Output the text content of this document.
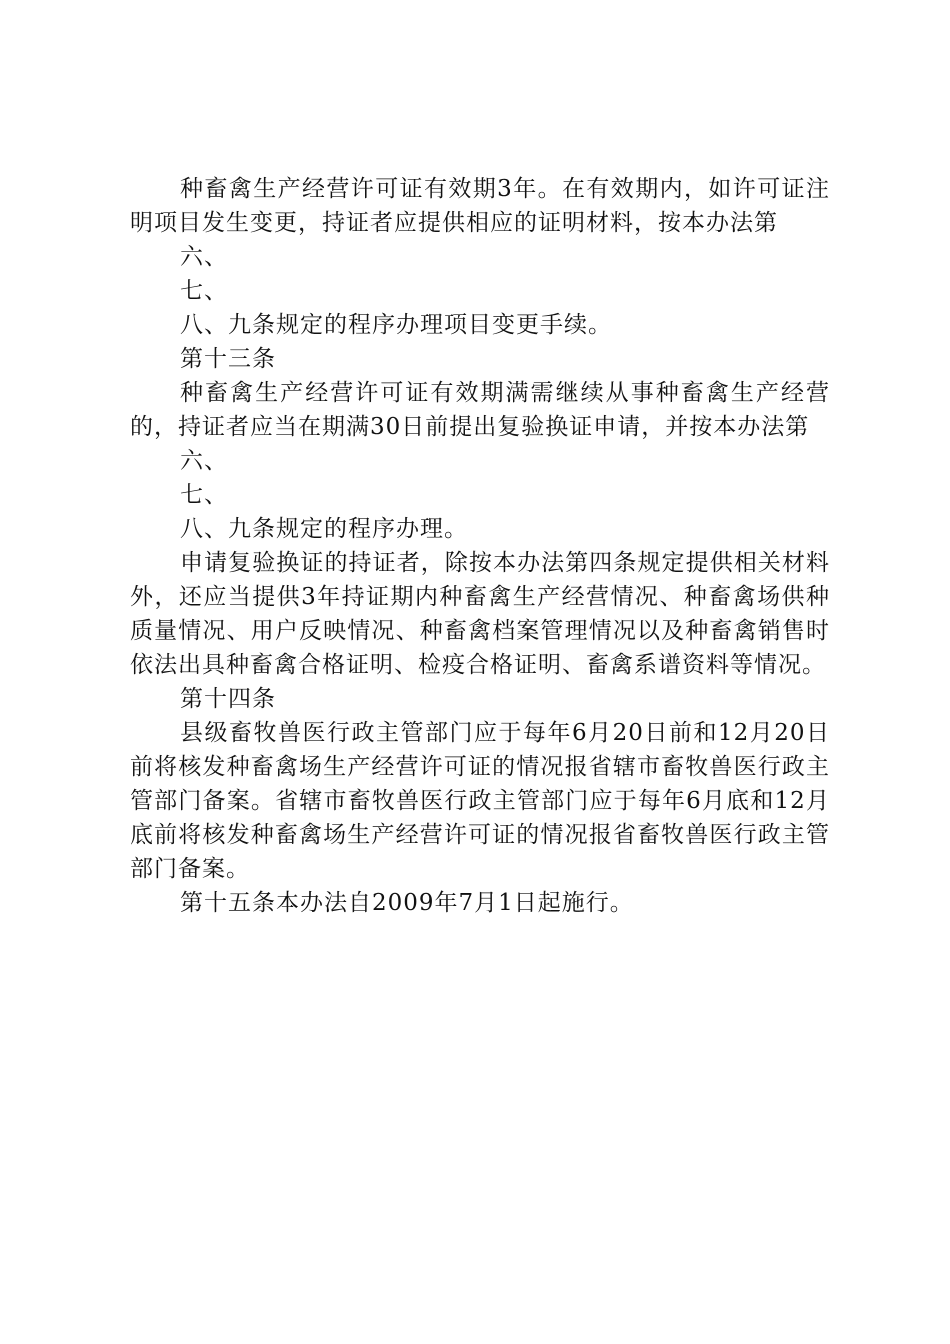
种畜禽生产经营许可证有效期3年。在有效期内，如许可证注明项目发生变更，持证者应提供相应的证明材料，按本办法第

六、

七、

八、九条规定的程序办理项目变更手续。

第十三条

种畜禽生产经营许可证有效期满需继续从事种畜禽生产经营的，持证者应当在期满30日前提出复验换证申请，并按本办法第

六、

七、

八、九条规定的程序办理。

申请复验换证的持证者，除按本办法第四条规定提供相关材料外，还应当提供3年持证期内种畜禽生产经营情况、种畜禽场供种质量情况、用户反映情况、种畜禽档案管理情况以及种畜禽销售时依法出具种畜禽合格证明、检疫合格证明、畜禽系谱资料等情况。

第十四条

县级畜牧兽医行政主管部门应于每年6月20日前和12月20日前将核发种畜禽场生产经营许可证的情况报省辖市畜牧兽医行政主管部门备案。省辖市畜牧兽医行政主管部门应于每年6月底和12月底前将核发种畜禽场生产经营许可证的情况报省畜牧兽医行政主管部门备案。

第十五条本办法自2009年7月1日起施行。
